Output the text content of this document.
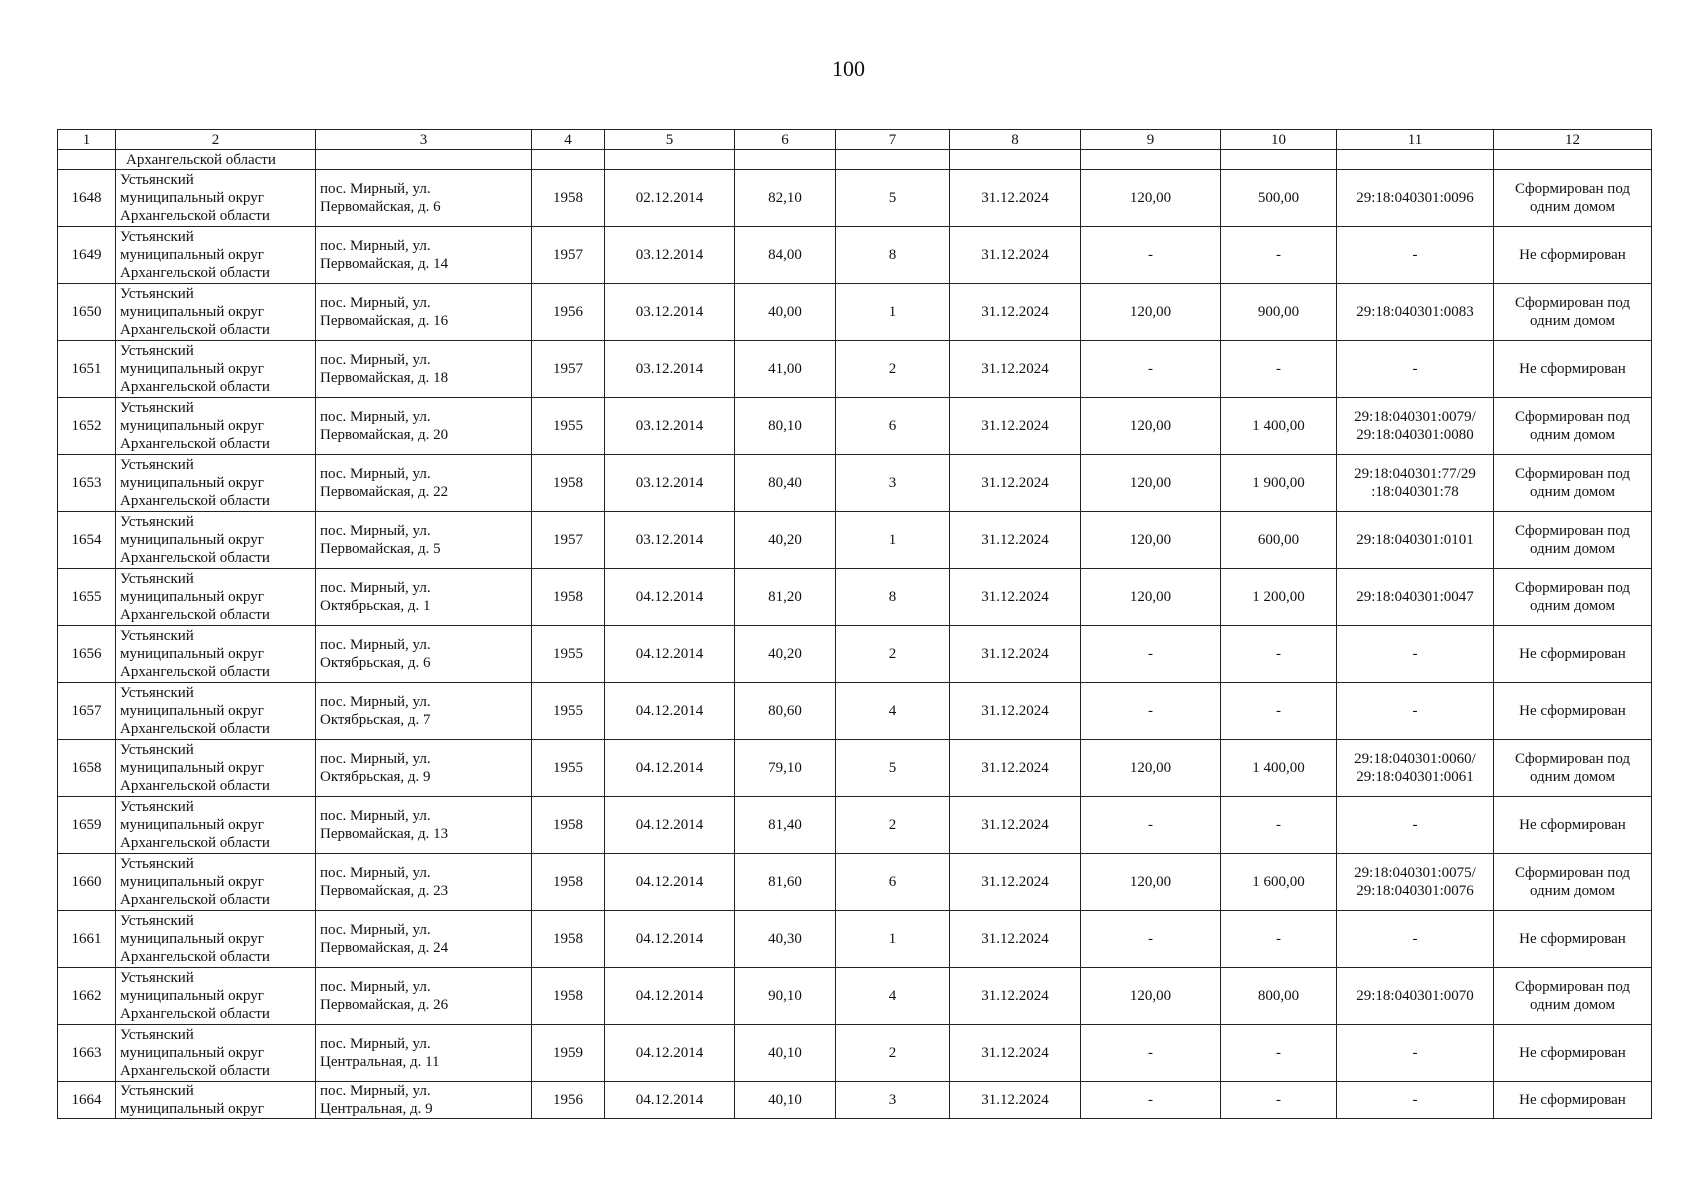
100
1	2	3	4	5	6	7	8	9	10	11	12
	Архангельской области										
1648	Устьянский
муниципальный округ
Архангельской области	пос. Мирный, ул.
Первомайская, д. 6	1958	02.12.2014	82,10	5	31.12.2024	120,00	500,00	29:18:040301:0096	Сформирован под
одним домом
1649	Устьянский
муниципальный округ
Архангельской области	пос. Мирный, ул.
Первомайская, д. 14	1957	03.12.2014	84,00	8	31.12.2024	-	-	-	Не сформирован
1650	Устьянский
муниципальный округ
Архангельской области	пос. Мирный, ул.
Первомайская, д. 16	1956	03.12.2014	40,00	1	31.12.2024	120,00	900,00	29:18:040301:0083	Сформирован под
одним домом
1651	Устьянский
муниципальный округ
Архангельской области	пос. Мирный, ул.
Первомайская, д. 18	1957	03.12.2014	41,00	2	31.12.2024	-	-	-	Не сформирован
1652	Устьянский
муниципальный округ
Архангельской области	пос. Мирный, ул.
Первомайская, д. 20	1955	03.12.2014	80,10	6	31.12.2024	120,00	1 400,00	29:18:040301:0079/
29:18:040301:0080	Сформирован под
одним домом
1653	Устьянский
муниципальный округ
Архангельской области	пос. Мирный, ул.
Первомайская, д. 22	1958	03.12.2014	80,40	3	31.12.2024	120,00	1 900,00	29:18:040301:77/29
:18:040301:78	Сформирован под
одним домом
1654	Устьянский
муниципальный округ
Архангельской области	пос. Мирный, ул.
Первомайская, д. 5	1957	03.12.2014	40,20	1	31.12.2024	120,00	600,00	29:18:040301:0101	Сформирован под
одним домом
1655	Устьянский
муниципальный округ
Архангельской области	пос. Мирный, ул.
Октябрьская, д. 1	1958	04.12.2014	81,20	8	31.12.2024	120,00	1 200,00	29:18:040301:0047	Сформирован под
одним домом
1656	Устьянский
муниципальный округ
Архангельской области	пос. Мирный, ул.
Октябрьская, д. 6	1955	04.12.2014	40,20	2	31.12.2024	-	-	-	Не сформирован
1657	Устьянский
муниципальный округ
Архангельской области	пос. Мирный, ул.
Октябрьская, д. 7	1955	04.12.2014	80,60	4	31.12.2024	-	-	-	Не сформирован
1658	Устьянский
муниципальный округ
Архангельской области	пос. Мирный, ул.
Октябрьская, д. 9	1955	04.12.2014	79,10	5	31.12.2024	120,00	1 400,00	29:18:040301:0060/
29:18:040301:0061	Сформирован под
одним домом
1659	Устьянский
муниципальный округ
Архангельской области	пос. Мирный, ул.
Первомайская, д. 13	1958	04.12.2014	81,40	2	31.12.2024	-	-	-	Не сформирован
1660	Устьянский
муниципальный округ
Архангельской области	пос. Мирный, ул.
Первомайская, д. 23	1958	04.12.2014	81,60	6	31.12.2024	120,00	1 600,00	29:18:040301:0075/
29:18:040301:0076	Сформирован под
одним домом
1661	Устьянский
муниципальный округ
Архангельской области	пос. Мирный, ул.
Первомайская, д. 24	1958	04.12.2014	40,30	1	31.12.2024	-	-	-	Не сформирован
1662	Устьянский
муниципальный округ
Архангельской области	пос. Мирный, ул.
Первомайская, д. 26	1958	04.12.2014	90,10	4	31.12.2024	120,00	800,00	29:18:040301:0070	Сформирован под
одним домом
1663	Устьянский
муниципальный округ
Архангельской области	пос. Мирный, ул.
Центральная, д. 11	1959	04.12.2014	40,10	2	31.12.2024	-	-	-	Не сформирован
1664	Устьянский
муниципальный округ	пос. Мирный, ул.
Центральная, д. 9	1956	04.12.2014	40,10	3	31.12.2024	-	-	-	Не сформирован
